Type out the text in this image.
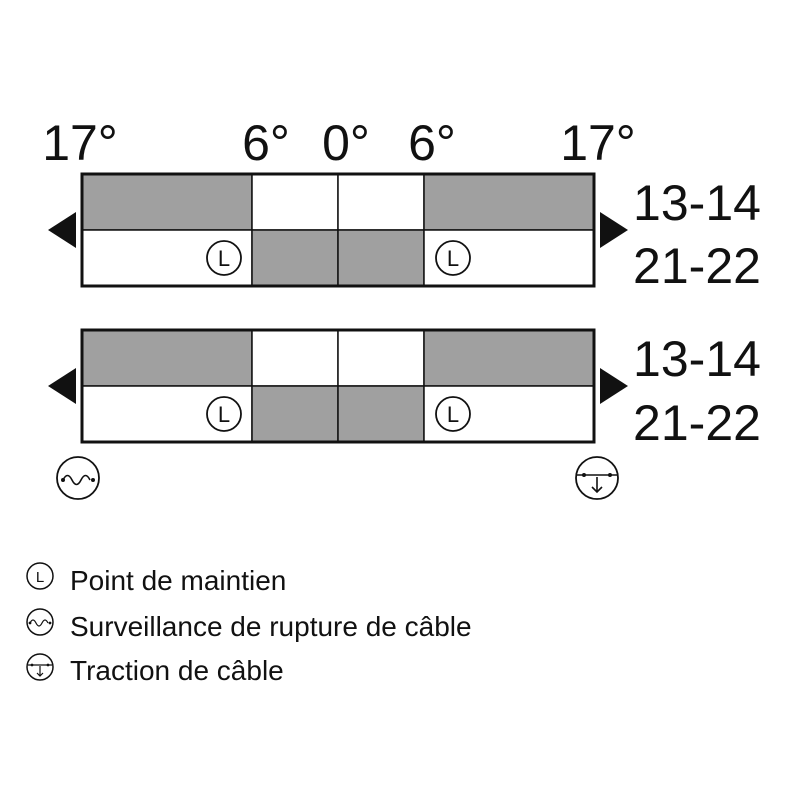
17° 6° 0° 6° 17°
L	L
13-14
21-22
L	L
13-14
21-22
L Point de maintien
Surveillance de rupture de câble
Traction de câble
